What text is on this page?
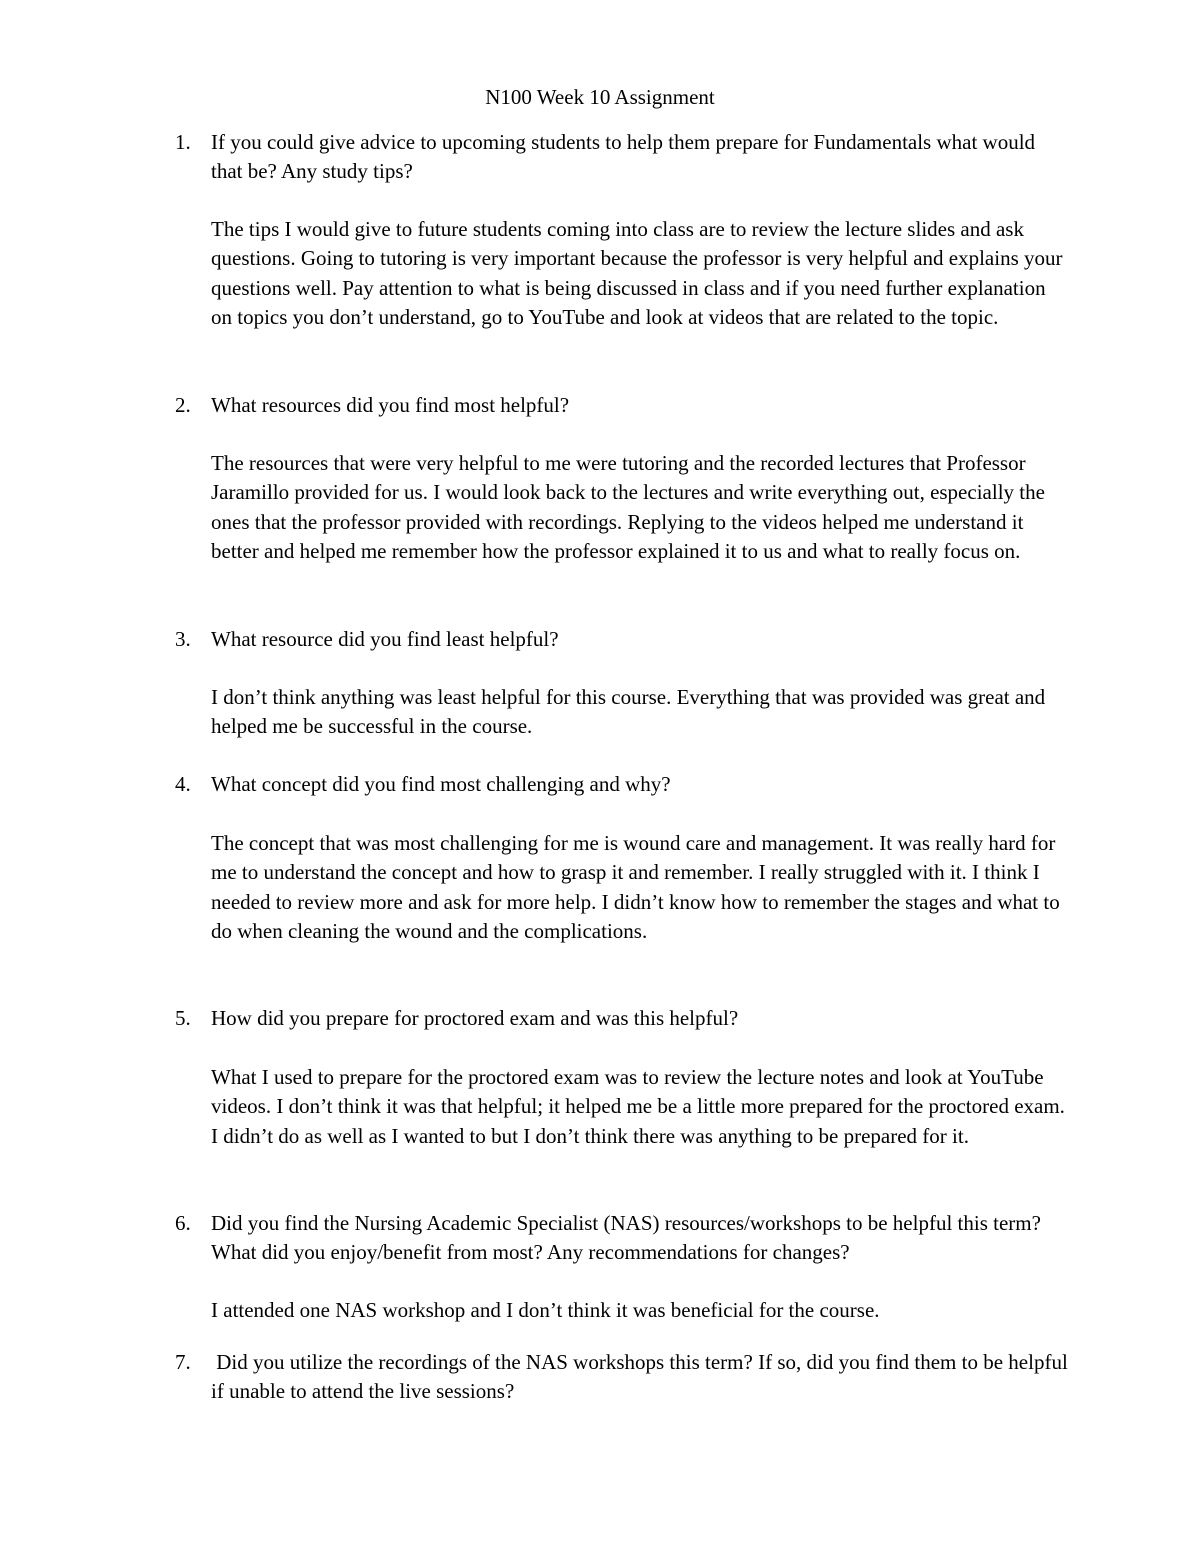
N100 Week 10 Assignment
1. If you could give advice to upcoming students to help them prepare for Fundamentals what would that be? Any study tips?

The tips I would give to future students coming into class are to review the lecture slides and ask questions. Going to tutoring is very important because the professor is very helpful and explains your questions well. Pay attention to what is being discussed in class and if you need further explanation on topics you don’t understand, go to YouTube and look at videos that are related to the topic.

2. What resources did you find most helpful?

The resources that were very helpful to me were tutoring and the recorded lectures that Professor Jaramillo provided for us. I would look back to the lectures and write everything out, especially the ones that the professor provided with recordings. Replying to the videos helped me understand it better and helped me remember how the professor explained it to us and what to really focus on.

3. What resource did you find least helpful?

I don’t think anything was least helpful for this course. Everything that was provided was great and helped me be successful in the course.

4. What concept did you find most challenging and why?

The concept that was most challenging for me is wound care and management. It was really hard for me to understand the concept and how to grasp it and remember. I really struggled with it. I think I needed to review more and ask for more help. I didn’t know how to remember the stages and what to do when cleaning the wound and the complications.

5. How did you prepare for proctored exam and was this helpful?

What I used to prepare for the proctored exam was to review the lecture notes and look at YouTube videos. I don’t think it was that helpful; it helped me be a little more prepared for the proctored exam. I didn’t do as well as I wanted to but I don’t think there was anything to be prepared for it.

6. Did you find the Nursing Academic Specialist (NAS) resources/workshops to be helpful this term? What did you enjoy/benefit from most? Any recommendations for changes?

I attended one NAS workshop and I don’t think it was beneficial for the course.

7. Did you utilize the recordings of the NAS workshops this term? If so, did you find them to be helpful if unable to attend the live sessions?
